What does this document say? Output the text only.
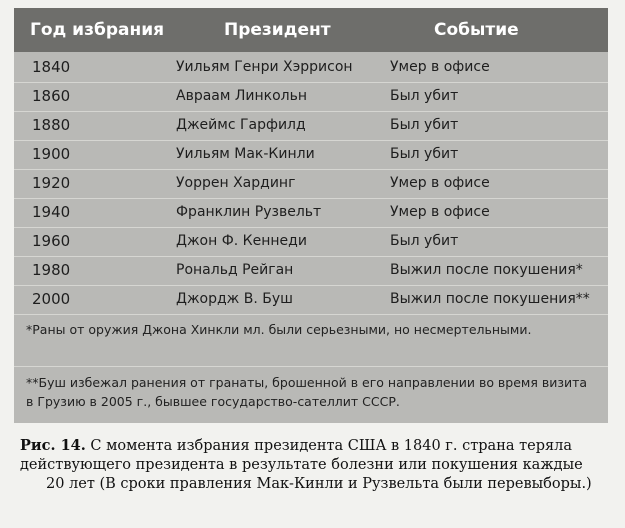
Год избрания	Президент	Событие
1840	Уильям Генри Хэррисон	Умер в офисе
1860	Авраам Линкольн	Был убит
1880	Джеймс Гарфилд	Был убит
1900	Уильям Мак-Кинли	Был убит
1920	Уоррен Хардинг	Умер в офисе
1940	Франклин Рузвельт	Умер в офисе
1960	Джон Ф. Кеннеди	Был убит
1980	Рональд Рейган	Выжил после покушения*
2000	Джордж В. Буш	Выжил после покушения**
*Раны от оружия Джона Хинкли мл. были серьезными, но несмертельными.
**Буш избежал ранения от гранаты, брошенной в его направлении во время визита в Грузию в 2005 г., бывшее государство-сателлит СССР.
Рис. 14. С момента избрания президента США в 1840 г. страна теряла
действующего президента в результате болезни или покушения каждые
20 лет (В сроки правления Мак-Кинли и Рузвельта были перевыборы.)
